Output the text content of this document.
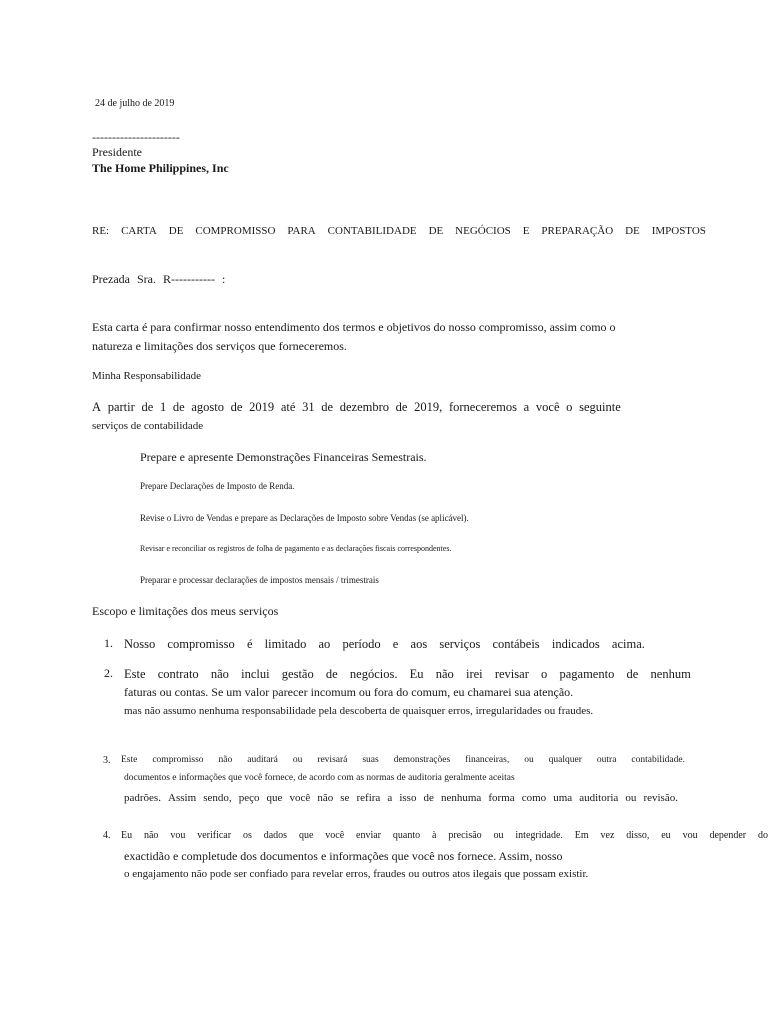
24 de julho de 2019
----------------------
Presidente
The Home Philippines, Inc
RE: CARTA DE COMPROMISSO PARA CONTABILIDADE DE NEGÓCIOS E PREPARAÇÃO DE IMPOSTOS
Prezada Sra. R----------- :
Esta carta é para confirmar nosso entendimento dos termos e objetivos do nosso compromisso, assim como o
natureza e limitações dos serviços que forneceremos.
Minha Responsabilidade
A partir de 1 de agosto de 2019 até 31 de dezembro de 2019, forneceremos a você o seguinte
serviços de contabilidade
Prepare e apresente Demonstrações Financeiras Semestrais.
Prepare Declarações de Imposto de Renda.
Revise o Livro de Vendas e prepare as Declarações de Imposto sobre Vendas (se aplicável).
Revisar e reconciliar os registros de folha de pagamento e as declarações fiscais correspondentes.
Preparar e processar declarações de impostos mensais / trimestrais
Escopo e limitações dos meus serviços
1. Nosso compromisso é limitado ao período e aos serviços contábeis indicados acima.
2. Este contrato não inclui gestão de negócios. Eu não irei revisar o pagamento de nenhum
faturas ou contas. Se um valor parecer incomum ou fora do comum, eu chamarei sua atenção.
mas não assumo nenhuma responsabilidade pela descoberta de quaisquer erros, irregularidades ou fraudes.
3. Este compromisso não auditará ou revisará suas demonstrações financeiras, ou qualquer outra contabilidade.
documentos e informações que você fornece, de acordo com as normas de auditoria geralmente aceitas
padrões. Assim sendo, peço que você não se refira a isso de nenhuma forma como uma auditoria ou revisão.
4. Eu não vou verificar os dados que você enviar quanto à precisão ou integridade. Em vez disso, eu vou depender do
exactidão e completude dos documentos e informações que você nos fornece. Assim, nosso
o engajamento não pode ser confiado para revelar erros, fraudes ou outros atos ilegais que possam existir.
